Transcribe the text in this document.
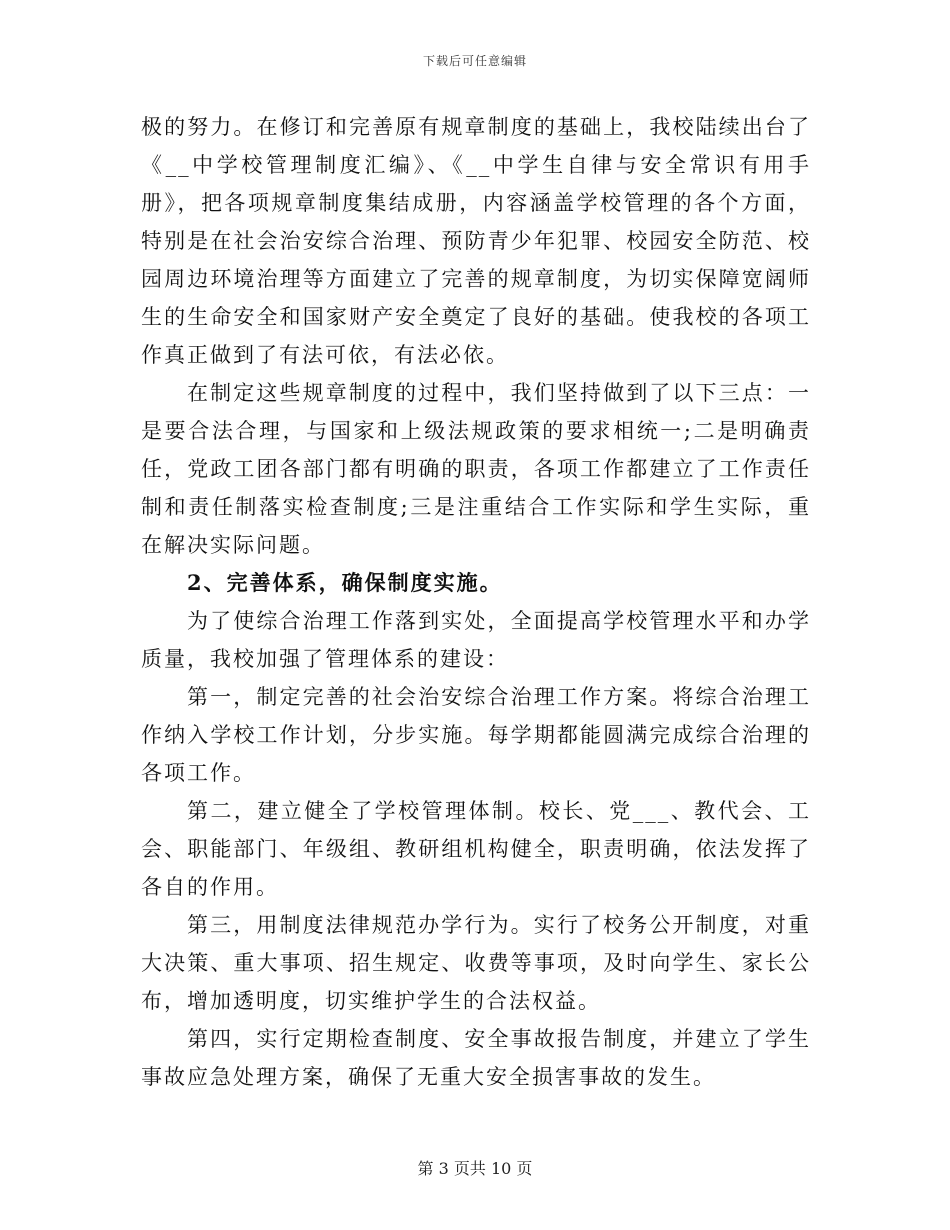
下载后可任意编辑

极的努力。在修订和完善原有规章制度的基础上，我校陆续出台了《__中学校管理制度汇编》、《__中学生自律与安全常识有用手册》，把各项规章制度集结成册，内容涵盖学校管理的各个方面，特别是在社会治安综合治理、预防青少年犯罪、校园安全防范、校园周边环境治理等方面建立了完善的规章制度，为切实保障宽阔师生的生命安全和国家财产安全奠定了良好的基础。使我校的各项工作真正做到了有法可依，有法必依。

在制定这些规章制度的过程中，我们坚持做到了以下三点：一是要合法合理，与国家和上级法规政策的要求相统一;二是明确责任，党政工团各部门都有明确的职责，各项工作都建立了工作责任制和责任制落实检查制度;三是注重结合工作实际和学生实际，重在解决实际问题。

2、完善体系，确保制度实施。

为了使综合治理工作落到实处，全面提高学校管理水平和办学质量，我校加强了管理体系的建设：

第一，制定完善的社会治安综合治理工作方案。将综合治理工作纳入学校工作计划，分步实施。每学期都能圆满完成综合治理的各项工作。

第二，建立健全了学校管理体制。校长、党___、教代会、工会、职能部门、年级组、教研组机构健全，职责明确，依法发挥了各自的作用。

第三，用制度法律规范办学行为。实行了校务公开制度，对重大决策、重大事项、招生规定、收费等事项，及时向学生、家长公布，增加透明度，切实维护学生的合法权益。

第四，实行定期检查制度、安全事故报告制度，并建立了学生事故应急处理方案，确保了无重大安全损害事故的发生。

第 3 页共 10 页
